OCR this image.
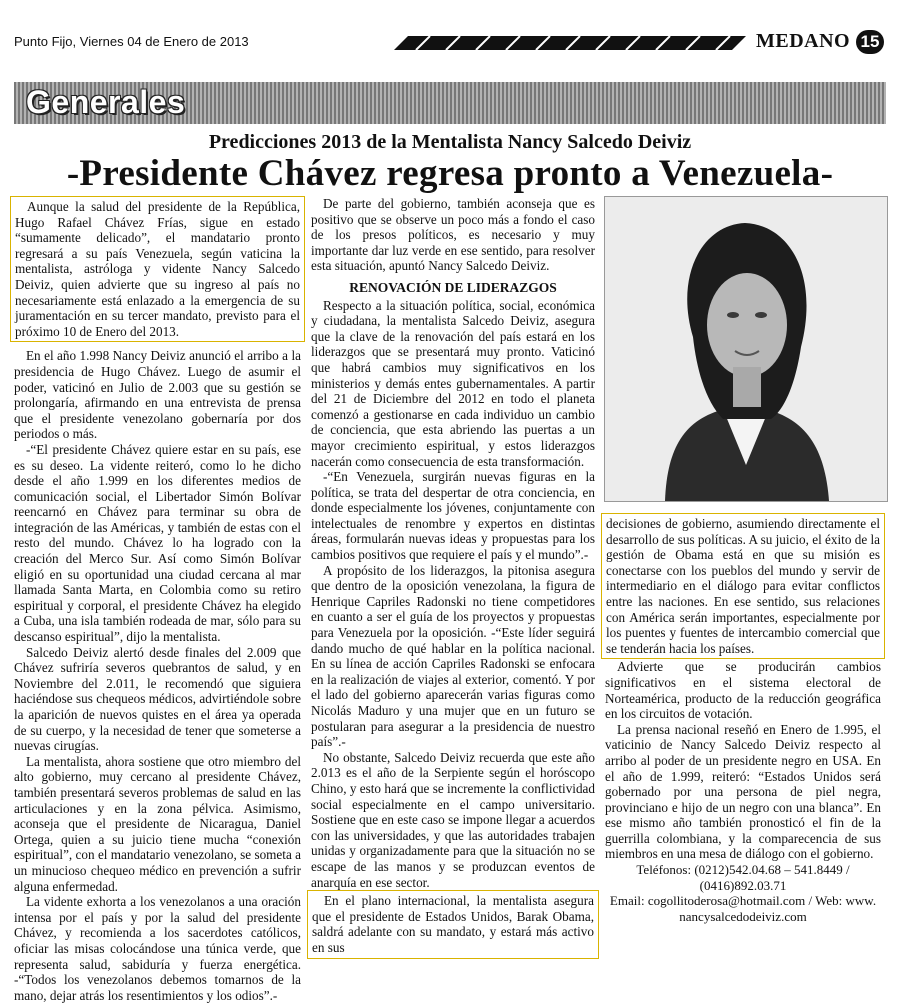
Punto Fijo, Viernes 04 de Enero de 2013	MEDANO 15
Generales
Predicciones 2013 de la Mentalista Nancy Salcedo Deiviz
-Presidente Chávez regresa pronto a Venezuela-

Aunque la salud del presidente de la República, Hugo Rafael Chávez Frías, sigue en estado “sumamente delicado”, el mandatario pronto regresará a su país Venezuela, según vaticina la mentalista, astróloga y vidente Nancy Salcedo Deiviz, quien advierte que su ingreso al país no necesariamente está enlazado a la emergencia de su juramentación en su tercer mandato, previsto para el próximo 10 de Enero del 2013.

En el año 1.998 Nancy Deiviz anunció el arribo a la presidencia de Hugo Chávez. Luego de asumir el poder, vaticinó en Julio de 2.003 que su gestión se prolongaría, afirmando en una entrevista de prensa que el presidente venezolano gobernaría por dos periodos o más.

-“El presidente Chávez quiere estar en su país, ese es su deseo. La vidente reiteró, como lo he dicho desde el año 1.999 en los diferentes medios de comunicación social, el Libertador Simón Bolívar reencarnó en Chávez para terminar su obra de integración de las Américas, y también de estas con el resto del mundo. Chávez lo ha logrado con la creación del Merco Sur. Así como Simón Bolívar eligió en su oportunidad una ciudad cercana al mar llamada Santa Marta, en Colombia como su retiro espiritual y corporal, el presidente Chávez ha elegido a Cuba, una isla también rodeada de mar, sólo para su descanso espiritual”, dijo la mentalista.

Salcedo Deiviz alertó desde finales del 2.009 que Chávez sufriría severos quebrantos de salud, y en Noviembre del 2.011, le recomendó que siguiera haciéndose sus chequeos médicos, advirtiéndole sobre la aparición de nuevos quistes en el área ya operada de su cuerpo, y la necesidad de tener que someterse a nuevas cirugías.

La mentalista, ahora sostiene que otro miembro del alto gobierno, muy cercano al presidente Chávez, también presentará severos problemas de salud en las articulaciones y en la zona pélvica. Asimismo, aconseja que el presidente de Nicaragua, Daniel Ortega, quien a su juicio tiene mucha “conexión espiritual”, con el mandatario venezolano, se someta a un minucioso chequeo médico en prevención a sufrir alguna enfermedad.

La vidente exhorta a los venezolanos a una oración intensa por el país y por la salud del presidente Chávez, y recomienda a los sacerdotes católicos, oficiar las misas colocándose una túnica verde, que representa salud, sabiduría y fuerza energética. -“Todos los venezolanos debemos tomarnos de la mano, dejar atrás los resentimientos y los odios”.-

De parte del gobierno, también aconseja que es positivo que se observe un poco más a fondo el caso de los presos políticos, es necesario y muy importante dar luz verde en ese sentido, para resolver esta situación, apuntó Nancy Salcedo Deiviz.

RENOVACIÓN DE LIDERAZGOS

Respecto a la situación política, social, económica y ciudadana, la mentalista Salcedo Deiviz, asegura que la clave de la renovación del país estará en los liderazgos que se presentará muy pronto. Vaticinó que habrá cambios muy significativos en los ministerios y demás entes gubernamentales. A partir del 21 de Diciembre del 2012 en todo el planeta comenzó a gestionarse en cada individuo un cambio de conciencia, que esta abriendo las puertas a un mayor crecimiento espiritual, y estos liderazgos nacerán como consecuencia de esta transformación.

-“En Venezuela, surgirán nuevas figuras en la política, se trata del despertar de otra conciencia, en donde especialmente los jóvenes, conjuntamente con intelectuales de renombre y expertos en distintas áreas, formularán nuevas ideas y propuestas para los cambios positivos que requiere el país y el mundo”.-

A propósito de los liderazgos, la pitonisa asegura que dentro de la oposición venezolana, la figura de Henrique Capriles Radonski no tiene competidores en cuanto a ser el guía de los proyectos y propuestas para Venezuela por la oposición. -“Este líder seguirá dando mucho de qué hablar en la política nacional. En su línea de acción Capriles Radonski se enfocara en la realización de viajes al exterior, comentó. Y por el lado del gobierno aparecerán varias figuras como Nicolás Maduro y una mujer que en un futuro se postularan para asegurar a la presidencia de nuestro país”.-

No obstante, Salcedo Deiviz recuerda que este año 2.013 es el año de la Serpiente según el horóscopo Chino, y esto hará que se incremente la conflictividad social especialmente en el campo universitario. Sostiene que en este caso se impone llegar a acuerdos con las universidades, y que las autoridades trabajen unidas y organizadamente para que la situación no se escape de las manos y se produzcan eventos de anarquía en ese sector.

En el plano internacional, la mentalista asegura que el presidente de Estados Unidos, Barak Obama, saldrá adelante con su mandato, y estará más activo en sus

decisiones de gobierno, asumiendo directamente el desarrollo de sus políticas. A su juicio, el éxito de la gestión de Obama está en que su misión es conectarse con los pueblos del mundo y servir de intermediario en el diálogo para evitar conflictos entre las naciones. En ese sentido, sus relaciones con América serán importantes, especialmente por los puentes y fuentes de intercambio comercial que se tenderán hacia los países.

Advierte que se producirán cambios significativos en el sistema electoral de Norteamérica, producto de la reducción geográfica en los circuitos de votación.

La prensa nacional reseñó en Enero de 1.995, el vaticinio de Nancy Salcedo Deiviz respecto al arribo al poder de un presidente negro en USA. En el año de 1.999, reiteró: “Estados Unidos será gobernado por una persona de piel negra, provinciano e hijo de un negro con una blanca”. En ese mismo año también pronosticó el fin de la guerrilla colombiana, y la comparecencia de sus miembros en una mesa de diálogo con el gobierno.

Teléfonos: (0212)542.04.68 – 541.8449 /
(0416)892.03.71
Email: cogollitoderosa@hotmail.com / Web: www.
nancysalcedodeiviz.com
